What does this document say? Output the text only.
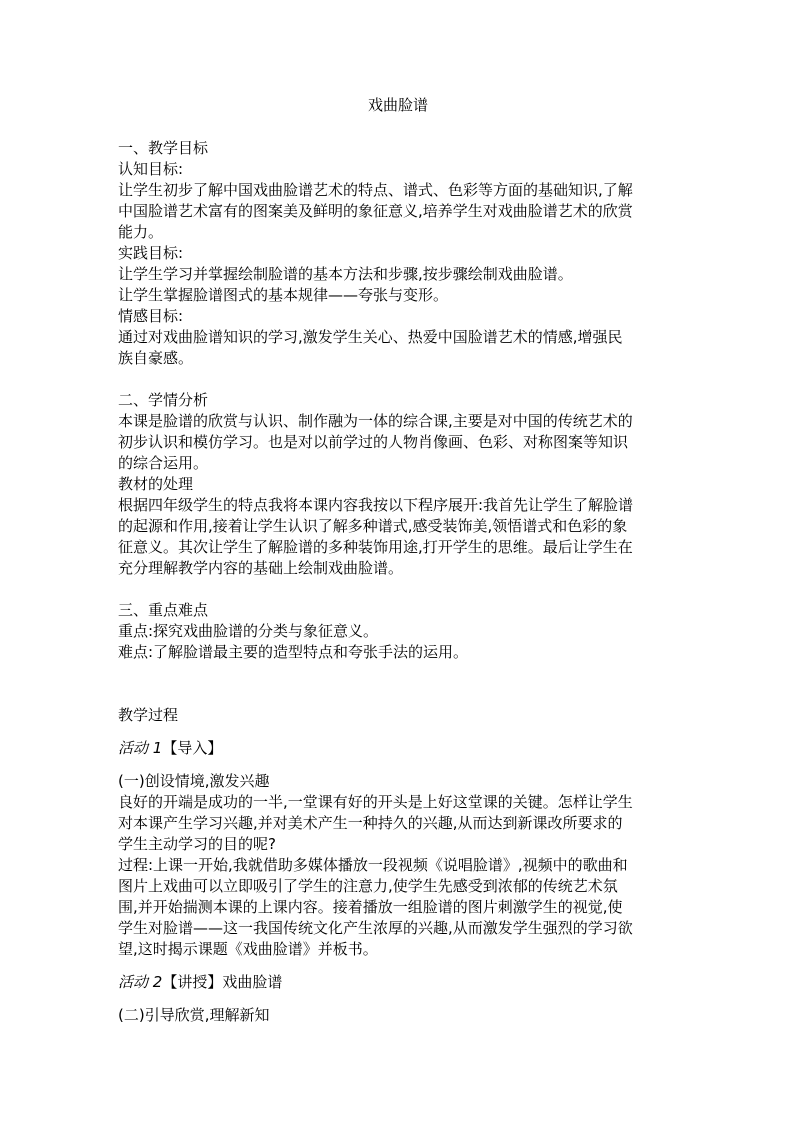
戏曲脸谱
一、教学目标
认知目标:
让学生初步了解中国戏曲脸谱艺术的特点、谱式、色彩等方面的基础知识,了解
中国脸谱艺术富有的图案美及鲜明的象征意义,培养学生对戏曲脸谱艺术的欣赏
能力。
实践目标:
让学生学习并掌握绘制脸谱的基本方法和步骤,按步骤绘制戏曲脸谱。
让学生掌握脸谱图式的基本规律——夸张与变形。
情感目标:
通过对戏曲脸谱知识的学习,激发学生关心、热爱中国脸谱艺术的情感,增强民
族自豪感。
二、学情分析
本课是脸谱的欣赏与认识、制作融为一体的综合课,主要是对中国的传统艺术的
初步认识和模仿学习。也是对以前学过的人物肖像画、色彩、对称图案等知识
的综合运用。
教材的处理
根据四年级学生的特点我将本课内容我按以下程序展开:我首先让学生了解脸谱
的起源和作用,接着让学生认识了解多种谱式,感受装饰美,领悟谱式和色彩的象
征意义。其次让学生了解脸谱的多种装饰用途,打开学生的思维。最后让学生在
充分理解教学内容的基础上绘制戏曲脸谱。
三、重点难点
重点:探究戏曲脸谱的分类与象征意义。
难点:了解脸谱最主要的造型特点和夸张手法的运用。
教学过程
活动 1【导入】
(一)创设情境,激发兴趣
良好的开端是成功的一半,一堂课有好的开头是上好这堂课的关键。怎样让学生
对本课产生学习兴趣,并对美术产生一种持久的兴趣,从而达到新课改所要求的
学生主动学习的目的呢?
过程:上课一开始,我就借助多媒体播放一段视频《说唱脸谱》,视频中的歌曲和
图片上戏曲可以立即吸引了学生的注意力,使学生先感受到浓郁的传统艺术氛
围,并开始揣测本课的上课内容。接着播放一组脸谱的图片刺激学生的视觉,使
学生对脸谱——这一我国传统文化产生浓厚的兴趣,从而激发学生强烈的学习欲
望,这时揭示课题《戏曲脸谱》并板书。
活动 2【讲授】戏曲脸谱
(二)引导欣赏,理解新知
